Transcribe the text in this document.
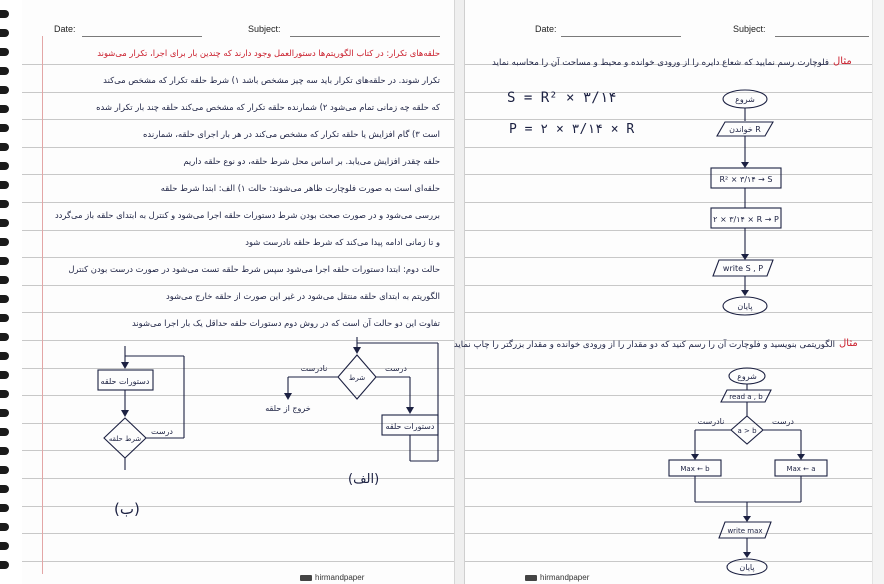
Date:	Subject:
حلقه‌های تکرار: در کتاب الگوریتم‌ها دستورالعمل وجود دارند که چندین بار برای اجرا، تکرار می‌شوند
تکرار شوند. در حلقه‌های تکرار باید سه چیز مشخص باشد ۱) شرط حلقه تکرار که مشخص می‌کند
که حلقه چه زمانی تمام می‌شود ۲) شمارنده حلقه تکرار که مشخص می‌کند حلقه چند بار تکرار شده
است ۳) گام افزایش یا حلقه تکرار که مشخص می‌کند در هر بار اجرای حلقه، شمارنده
حلقه چقدر افزایش می‌یابد. بر اساس محل شرط حلقه، دو نوع حلقه داریم
حلقه‌ای است به صورت فلوچارت ظاهر می‌شوند: حالت ۱) الف: ابتدا شرط حلقه
بررسی می‌شود و در صورت صحت بودن شرط دستورات حلقه اجرا می‌شود و کنترل به ابتدای حلقه باز می‌گردد
و تا زمانی ادامه پیدا می‌کند که شرط حلقه نادرست شود
حالت دوم: ابتدا دستورات حلقه اجرا می‌شود سپس شرط حلقه تست می‌شود در صورت درست بودن کنترل
الگوریتم به ابتدای حلقه منتقل می‌شود در غیر این صورت از حلقه خارج می‌شود
تفاوت این دو حالت آن است که در روش دوم دستورات حلقه حداقل یک بار اجرا می‌شوند
دستورات حلقه
شرط حلقه
درست
(ب)
شرط
نادرست
خروج از حلقه
درست
دستورات حلقه
(الف)
hirmandpaper
Date:	Subject:
مثال
فلوچارت رسم نمایید که شعاع دایره را از ورودی خوانده و محیط و مساحت آن را محاسبه نماید
S = R² × ۳/۱۴
P = ۲ × ۳/۱۴ × R
شروع
خواندن R
R² × ۳/۱۴ → S
۲ × ۳/۱۴ × R → P
write S , P
پایان
مثال
الگوریتمی بنویسید و فلوچارت آن را رسم کنید که دو مقدار را از ورودی خوانده و مقدار بزرگتر را چاپ نماید
شروع
read a , b
a > b
نادرست	درست
Max ← b	Max ← a
write max
پایان
hirmandpaper
